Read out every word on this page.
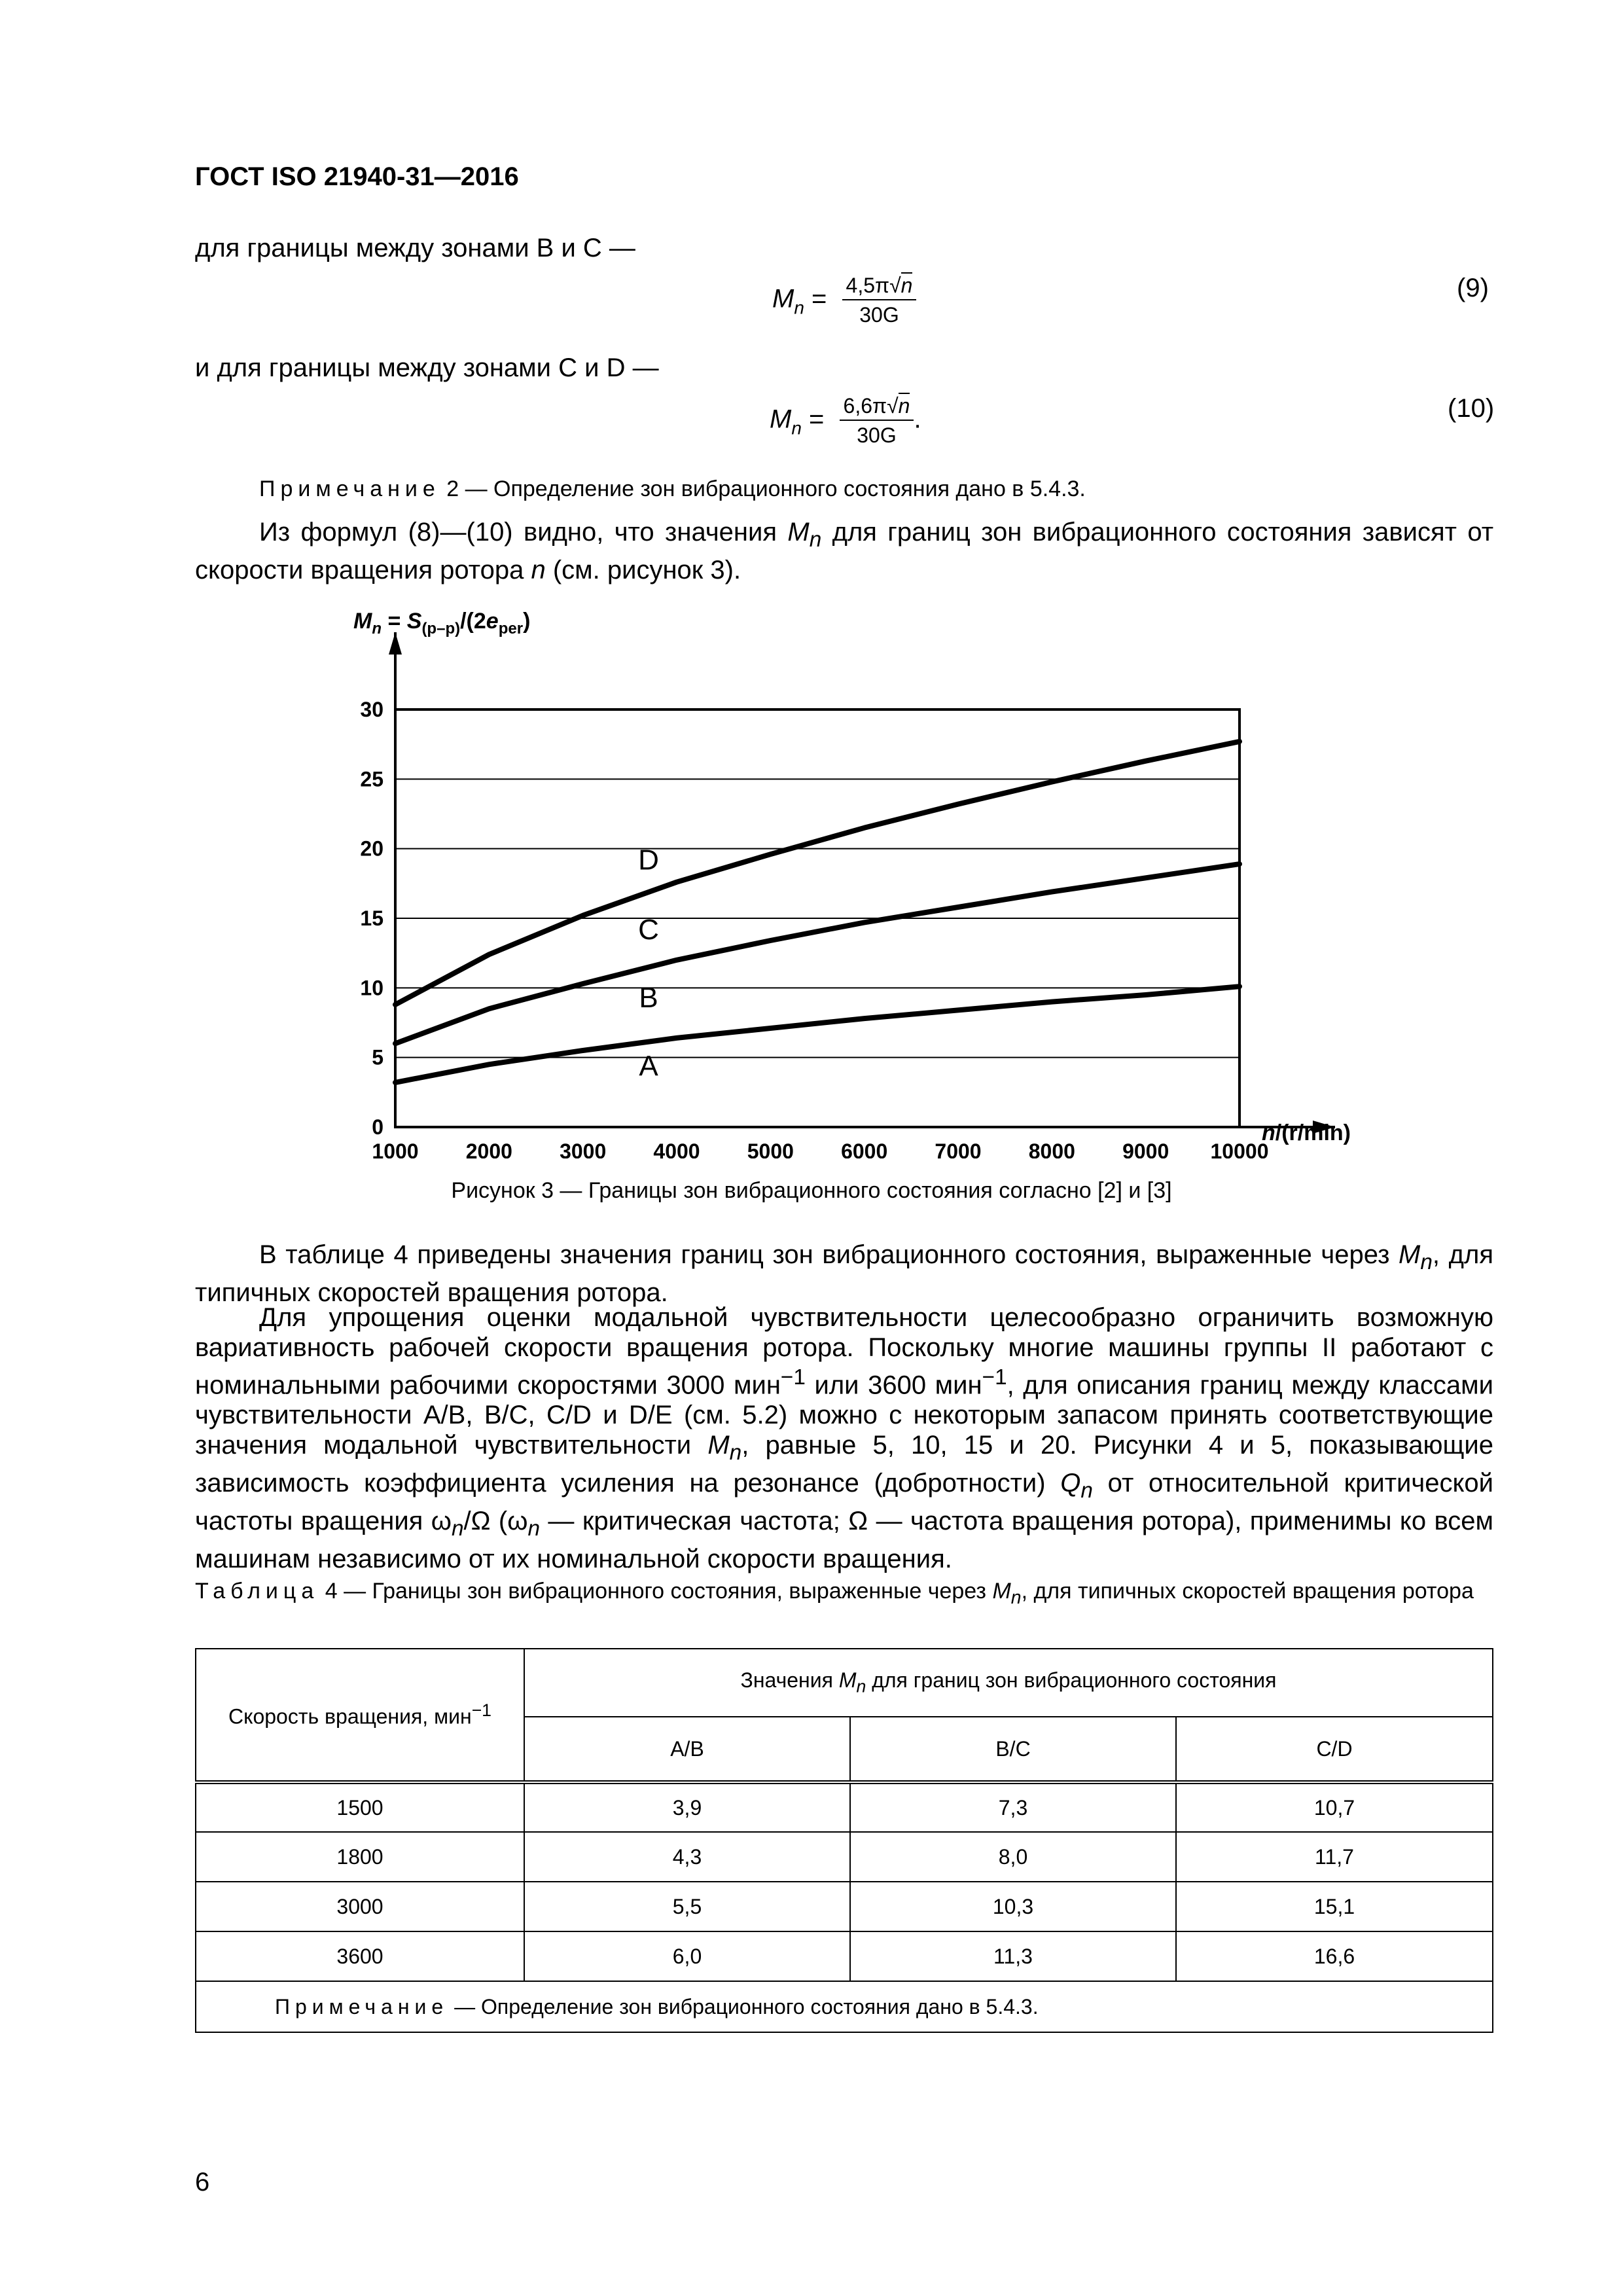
ГОСТ ISO 21940-31—2016
для границы между зонами B и C —
$M_n = \frac{4,5\pi√n}{30G}$	(9)
и для границы между зонами C и D —
$M_n = \frac{6,6\pi√n}{30G}$ .	(10)
Примечание 2 — Определение зон вибрационного состояния дано в 5.4.3.
Из формул (8)—(10) видно, что значения $M_n$ для границ зон вибрационного состояния зависят от скорости вращения ротора n (см. рисунок 3).
A
B
C
D
0
5
10
15
20
25
30
1000 2000 3000 4000 5000 6000 7000 8000 9000 10000
$M_n = S_{(p-p)}/(2e_{per})$
n/(r/min)
Рисунок 3 — Границы зон вибрационного состояния согласно [2] и [3]
В таблице 4 приведены значения границ зон вибрационного состояния, выраженные через $M_n$, для типичных скоростей вращения ротора.
Для упрощения оценки модальной чувствительности целесообразно ограничить возможную вариативность рабочей скорости вращения ротора. Поскольку многие машины группы II работают с номинальными рабочими скоростями 3000 мин$^{-1}$ или 3600 мин$^{-1}$, для описания границ между классами чувствительности A/B, B/C, C/D и D/E (см. 5.2) можно с некоторым запасом принять соответствующие значения модальной чувствительности $M_n$, равные 5, 10, 15 и 20. Рисунки 4 и 5, показывающие зависимость коэффициента усиления на резонансе (добротности) $Q_n$ от относительной критической частоты вращения $\omega_n/\Omega$ ($\omega_n$ — критическая частота; Ω — частота вращения ротора), применимы ко всем машинам независимо от их номинальной скорости вращения.
Таблица 4 — Границы зон вибрационного состояния, выраженные через $M_n$, для типичных скоростей вращения ротора
Скорость вращения, мин$^{-1}$	Значения $M_n$ для границ зон вибрационного состояния		
	A/B	B/C	C/D
1500	3,9	7,3	10,7
1800	4,3	8,0	11,7
3000	5,5	10,3	15,1
3600	6,0	11,3	16,6
Примечание — Определение зон вибрационного состояния дано в 5.4.3.			
6
